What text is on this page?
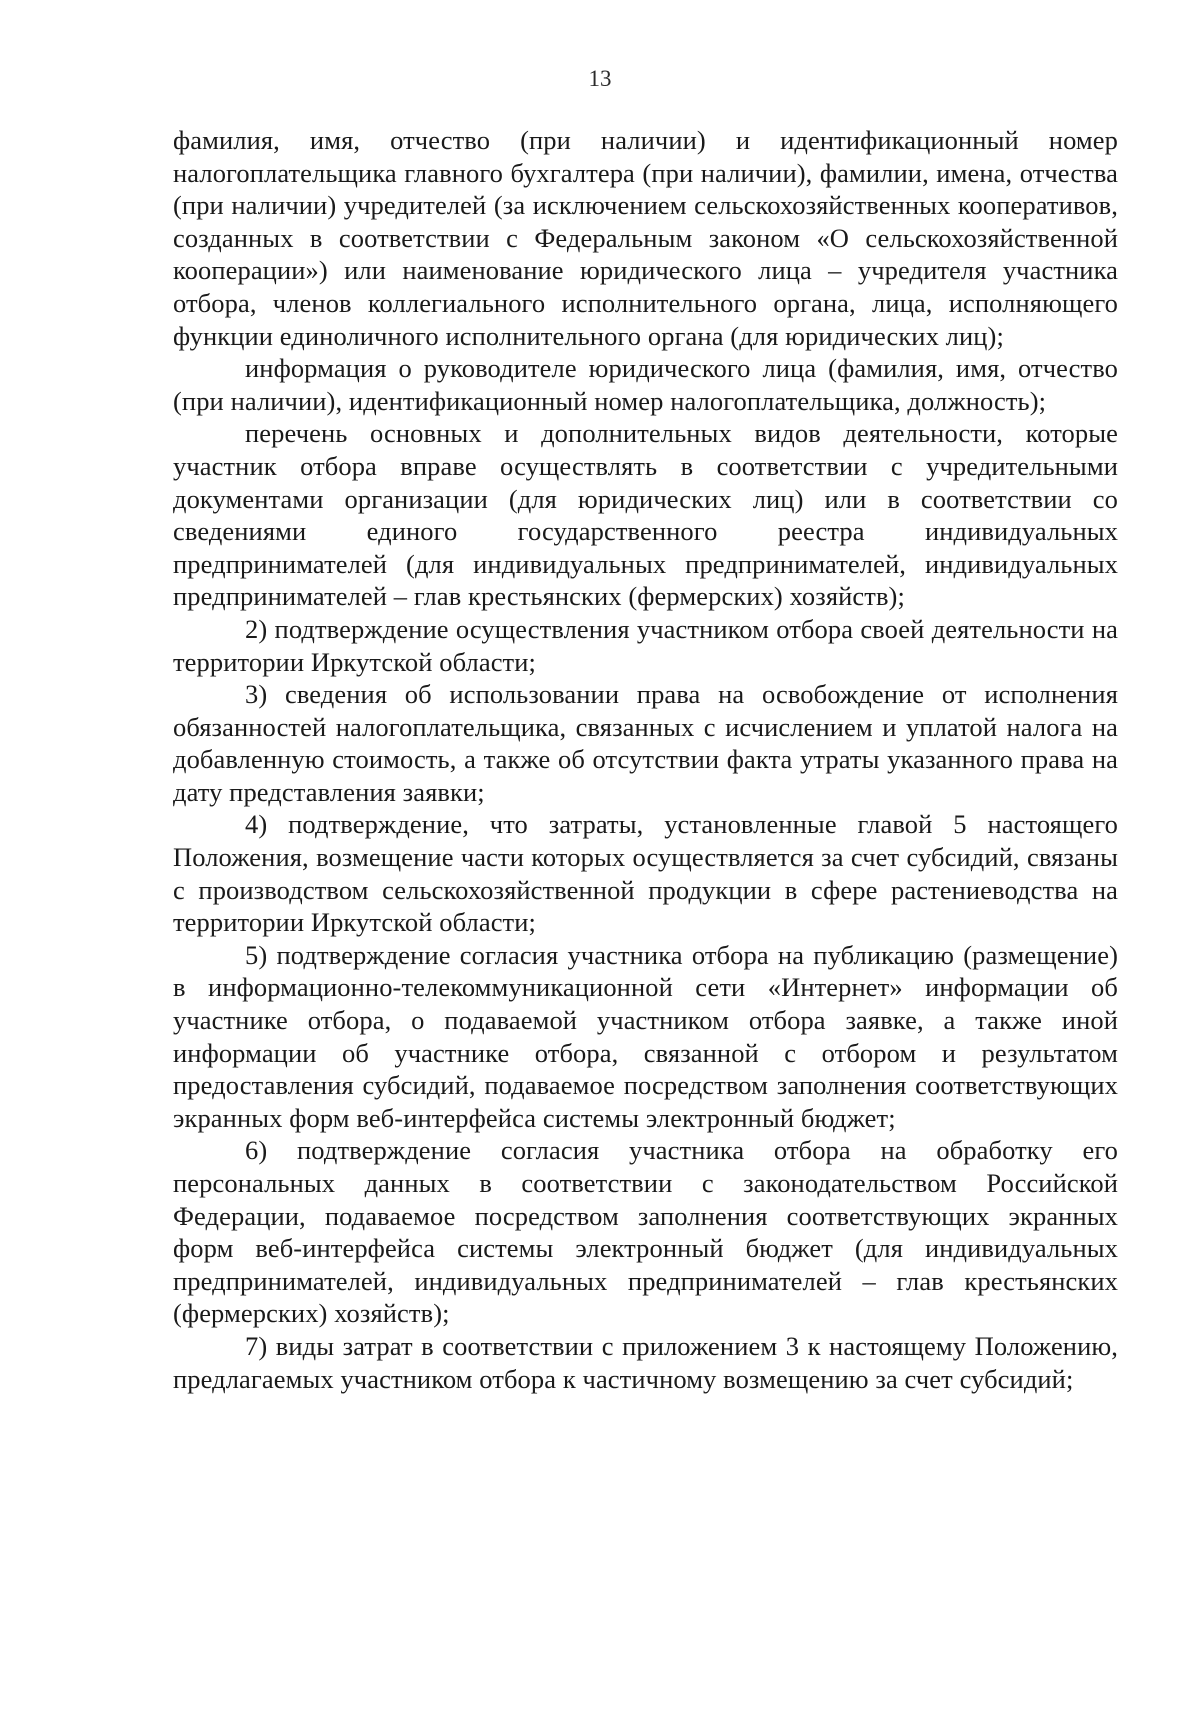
13

фамилия, имя, отчество (при наличии) и идентификационный номер налогоплательщика главного бухгалтера (при наличии), фамилии, имена, отчества (при наличии) учредителей (за исключением сельскохозяйственных кооперативов, созданных в соответствии с Федеральным законом «О сельскохозяйственной кооперации») или наименование юридического лица – учредителя участника отбора, членов коллегиального исполнительного органа, лица, исполняющего функции единоличного исполнительного органа (для юридических лиц);

информация о руководителе юридического лица (фамилия, имя, отчество (при наличии), идентификационный номер налогоплательщика, должность);

перечень основных и дополнительных видов деятельности, которые участник отбора вправе осуществлять в соответствии с учредительными документами организации (для юридических лиц) или в соответствии со сведениями единого государственного реестра индивидуальных предпринимателей (для индивидуальных предпринимателей, индивидуальных предпринимателей – глав крестьянских (фермерских) хозяйств);

2) подтверждение осуществления участником отбора своей деятельности на территории Иркутской области;

3) сведения об использовании права на освобождение от исполнения обязанностей налогоплательщика, связанных с исчислением и уплатой налога на добавленную стоимость, а также об отсутствии факта утраты указанного права на дату представления заявки;

4) подтверждение, что затраты, установленные главой 5 настоящего Положения, возмещение части которых осуществляется за счет субсидий, связаны с производством сельскохозяйственной продукции в сфере растениеводства на территории Иркутской области;

5) подтверждение согласия участника отбора на публикацию (размещение) в информационно-телекоммуникационной сети «Интернет» информации об участнике отбора, о подаваемой участником отбора заявке, а также иной информации об участнике отбора, связанной с отбором и результатом предоставления субсидий, подаваемое посредством заполнения соответствующих экранных форм веб-интерфейса системы электронный бюджет;

6) подтверждение согласия участника отбора на обработку его персональных данных в соответствии с законодательством Российской Федерации, подаваемое посредством заполнения соответствующих экранных форм веб-интерфейса системы электронный бюджет (для индивидуальных предпринимателей, индивидуальных предпринимателей – глав крестьянских (фермерских) хозяйств);

7) виды затрат в соответствии с приложением 3 к настоящему Положению, предлагаемых участником отбора к частичному возмещению за счет субсидий;
